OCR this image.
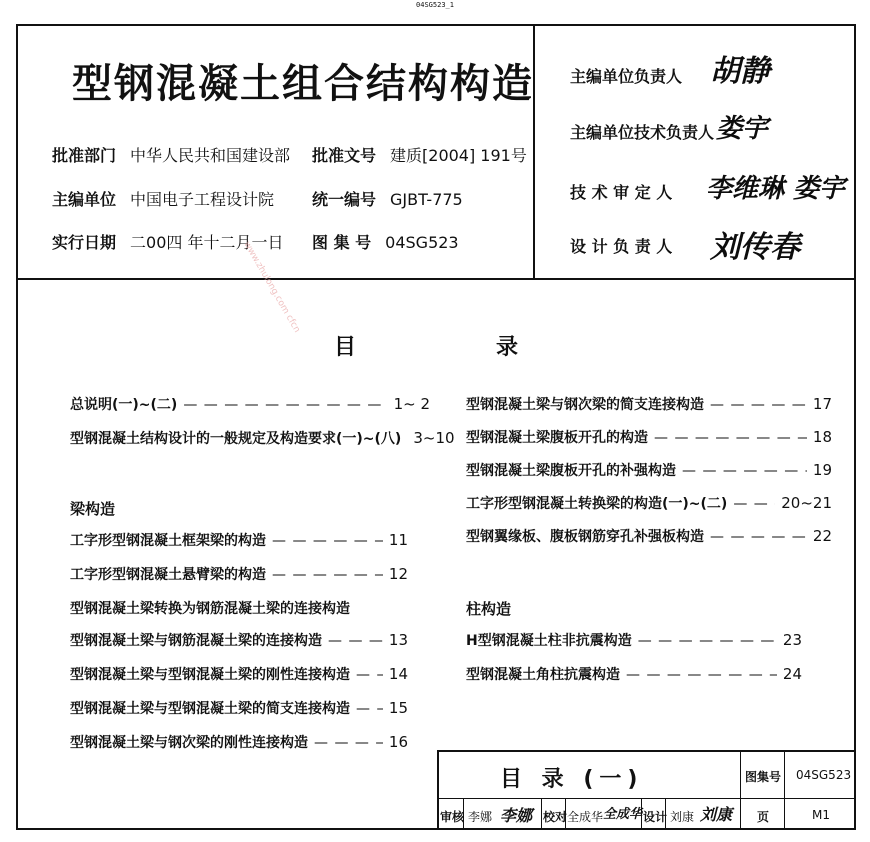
04SG523_1
型钢混凝土组合结构构造
批准部门 中华人民共和国建设部
主编单位 中国电子工程设计院
实行日期 二00四 年十二月一日
批准文号 建质[2004] 191号
统一编号 GJBT-775
图 集 号 04SG523
主编单位负责人 胡静
主编单位技术负责人 娄宇
技 术 审 定 人 李维琳 娄宇
设 计 负 责 人 刘传春
www.zhulong.com cfcn
目	录
总说明(一)~(二) — — —	1~ 2
型钢混凝土结构设计的一般规定及构造要求(一)~(八) 3~10
梁构造
工字形型钢混凝土框架梁的构造 — — —	11
工字形型钢混凝土悬臂梁的构造 — — —	12
型钢混凝土梁转换为钢筋混凝土梁的连接构造
型钢混凝土梁与钢筋混凝土梁的连接构造 — — —	13
型钢混凝土梁与型钢混凝土梁的刚性连接构造 — — —	14
型钢混凝土梁与型钢混凝土梁的简支连接构造 — — —	15
型钢混凝土梁与钢次梁的刚性连接构造 — — —	16
型钢混凝土梁与钢次梁的简支连接构造 — — —	17
型钢混凝土梁腹板开孔的构造 — — —	18
型钢混凝土梁腹板开孔的补强构造 — — —	19
工字形型钢混凝土转换梁的构造(一)~(二) — — —	20~21
型钢翼缘板、腹板钢筋穿孔补强板构造 — — —	22
柱构造
H型钢混凝土柱非抗震构造 — — —	23
型钢混凝土角柱抗震构造 — — —	24
目 录 (一)	图集号 04SG523
页	M1
审核 李娜 李娜 校对 全成华 全成华 设计 刘康 刘康
